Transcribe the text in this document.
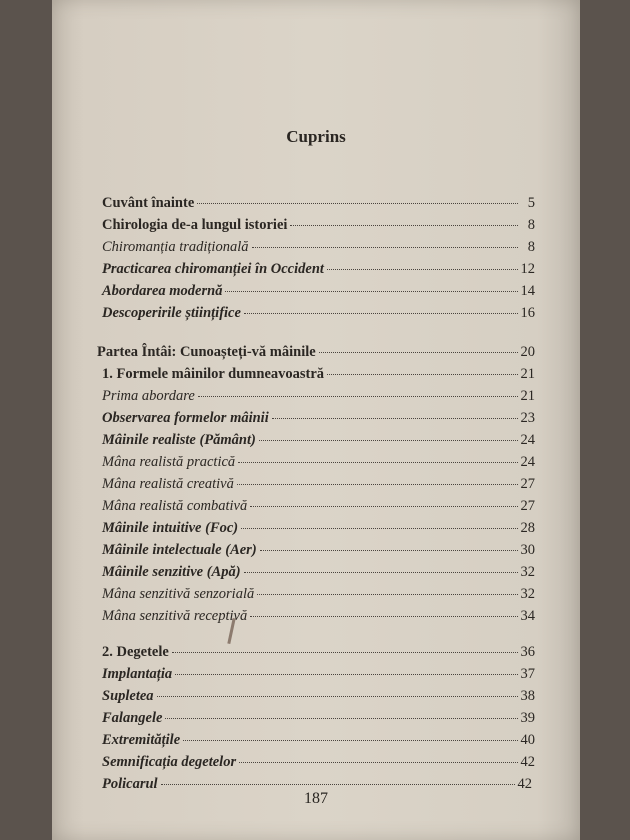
Cuprins
Cuvânt înainte	5
Chirologia de-a lungul istoriei	8
Chiromanția tradițională	8
Practicarea chiromanției în Occident	12
Abordarea modernă	14
Descoperirile științifice	16
Partea Întâi: Cunoașteți-vă mâinile	20
1. Formele mâinilor dumneavoastră	21
Prima abordare	21
Observarea formelor mâinii	23
Mâinile realiste (Pământ)	24
Mâna realistă practică	24
Mâna realistă creativă	27
Mâna realistă combativă	27
Mâinile intuitive (Foc)	28
Mâinile intelectuale (Aer)	30
Mâinile senzitive (Apă)	32
Mâna senzitivă senzorială	32
Mâna senzitivă receptivă	34
2. Degetele	36
Implantația	37
Supletea	38
Falangele	39
Extremitățile	40
Semnificația degetelor	42
Policarul	42
187
